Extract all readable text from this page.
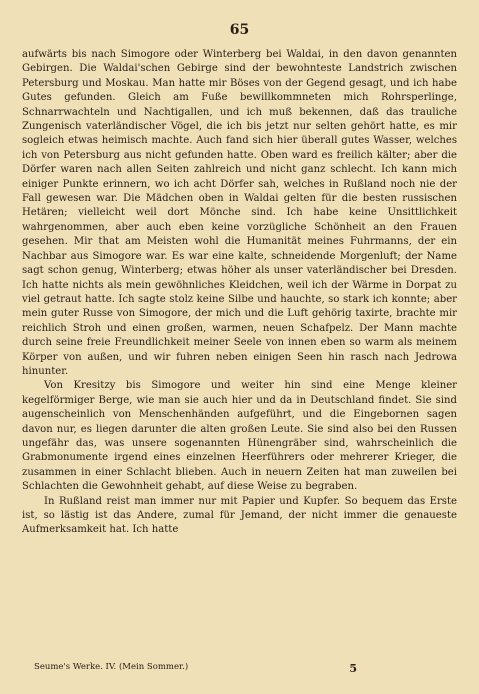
65

aufwärts bis nach Simogore oder Winterberg bei Waldai, in den davon genannten Gebirgen. Die Waldai'schen Gebirge sind der bewohnteste Landstrich zwischen Petersburg und Moskau. Man hatte mir Böses von der Gegend gesagt, und ich habe Gutes gefunden. Gleich am Fuße bewillkommneten mich Rohrsperlinge, Schnarrwachteln und Nachtigallen, und ich muß bekennen, daß das trauliche Zungenisch vaterländischer Vögel, die ich bis jetzt nur selten gehört hatte, es mir sogleich etwas heimisch machte. Auch fand sich hier überall gutes Wasser, welches ich von Petersburg aus nicht gefunden hatte. Oben ward es freilich kälter; aber die Dörfer waren nach allen Seiten zahlreich und nicht ganz schlecht. Ich kann mich einiger Punkte erinnern, wo ich acht Dörfer sah, welches in Rußland noch nie der Fall gewesen war. Die Mädchen oben in Waldai gelten für die besten russischen Hetären; vielleicht weil dort Mönche sind. Ich habe keine Unsittlichkeit wahrgenommen, aber auch eben keine vorzügliche Schönheit an den Frauen gesehen. Mir that am Meisten wohl die Humanität meines Fuhrmanns, der ein Nachbar aus Simogore war. Es war eine kalte, schneidende Morgenluft; der Name sagt schon genug, Winterberg; etwas höher als unser vaterländischer bei Dresden. Ich hatte nichts als mein gewöhnliches Kleidchen, weil ich der Wärme in Dorpat zu viel getraut hatte. Ich sagte stolz keine Silbe und hauchte, so stark ich konnte; aber mein guter Russe von Simogore, der mich und die Luft gehörig taxirte, brachte mir reichlich Stroh und einen großen, warmen, neuen Schafpelz. Der Mann machte durch seine freie Freundlichkeit meiner Seele von innen eben so warm als meinem Körper von außen, und wir fuhren neben einigen Seen hin rasch nach Jedrowa hinunter.

Von Kresitzy bis Simogore und weiter hin sind eine Menge kleiner kegelförmiger Berge, wie man sie auch hier und da in Deutschland findet. Sie sind augenscheinlich von Menschenhänden aufgeführt, und die Eingebornen sagen davon nur, es liegen darunter die alten großen Leute. Sie sind also bei den Russen ungefähr das, was unsere sogenannten Hünengräber sind, wahrscheinlich die Grabmonumente irgend eines einzelnen Heerführers oder mehrerer Krieger, die zusammen in einer Schlacht blieben. Auch in neuern Zeiten hat man zuweilen bei Schlachten die Gewohnheit gehabt, auf diese Weise zu begraben.

In Rußland reist man immer nur mit Papier und Kupfer. So bequem das Erste ist, so lästig ist das Andere, zumal für Jemand, der nicht immer die genaueste Aufmerksamkeit hat. Ich hatte

Seume's Werke. IV. (Mein Sommer.)	5
